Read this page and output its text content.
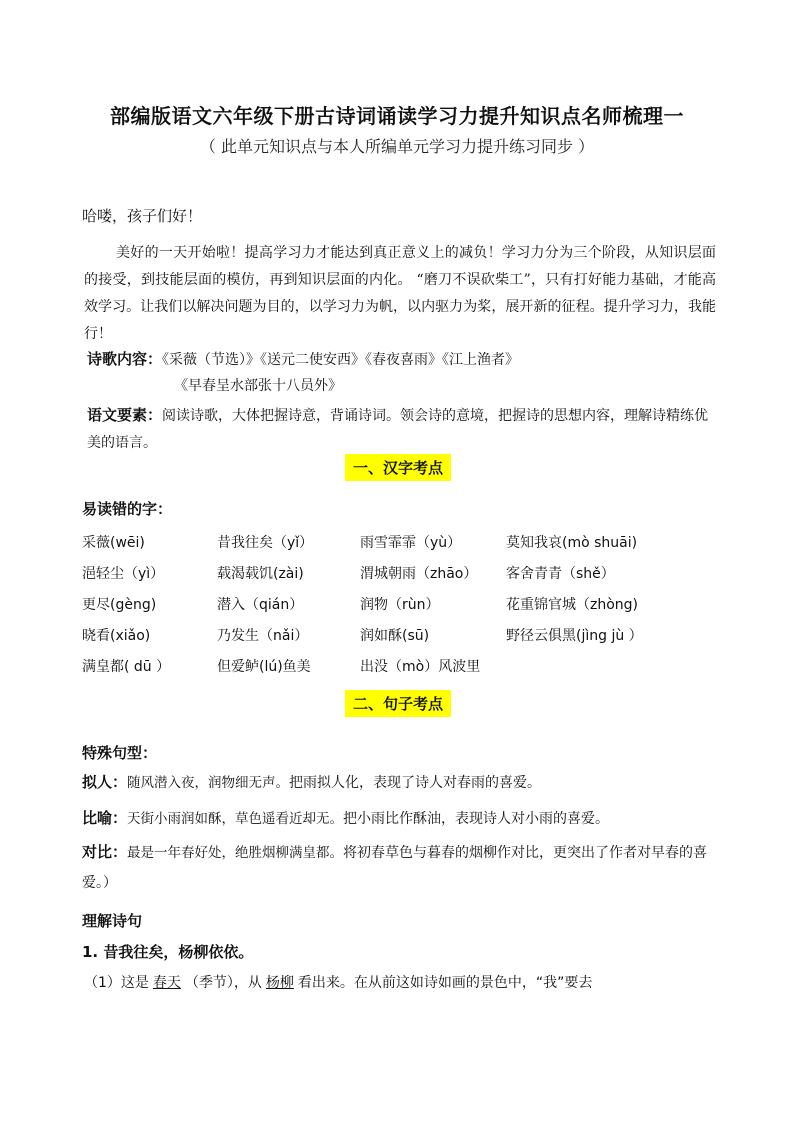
部编版语文六年级下册古诗词诵读学习力提升知识点名师梳理一
（ 此单元知识点与本人所编单元学习力提升练习同步 ）
哈喽，孩子们好！
美好的一天开始啦！提高学习力才能达到真正意义上的减负！学习力分为三个阶段，从知识层面的接受，到技能层面的模仿，再到知识层面的内化。 “磨刀不误砍柴工”，只有打好能力基础，才能高效学习。让我们以解决问题为目的，以学习力为帆，以内驱力为桨，展开新的征程。提升学习力，我能行！
诗歌内容：《采薇（节选）》《送元二使安西》《春夜喜雨》《江上渔者》
《早春呈水部张十八员外》
语文要素：阅读诗歌，大体把握诗意，背诵诗词。领会诗的意境，把握诗的思想内容，理解诗精练优美的语言。
一、汉字考点
易读错的字：
采薇(wēi)	昔我往矣（yǐ）	雨雪霏霏（yù）	莫知我哀(mò shuāi)
浥轻尘（yì）	载渴载饥(zài)	渭城朝雨（zhāo） 客舍青青（shě）
更尽(gèng)	潜入（qián）	润物（rùn）	花重锦官城（zhòng)
晓看(xiǎo)	乃发生（nǎi）	润如酥(sū)	野径云俱黑(jìng jù ）
满皇都( dū ）	但爱鲈(lú)鱼美	出没（mò）风波里
二、句子考点
特殊句型：
拟人：随风潜入夜，润物细无声。把雨拟人化，表现了诗人对春雨的喜爱。
比喻：天街小雨润如酥，草色遥看近却无。把小雨比作酥油，表现诗人对小雨的喜爱。
对比：最是一年春好处，绝胜烟柳满皇都。将初春草色与暮春的烟柳作对比，更突出了作者对早春的喜爱。）
理解诗句
1. 昔我往矣，杨柳依依。
（1）这是 春天 （季节），从 杨柳 看出来。在从前这如诗如画的景色中，“我”要去
